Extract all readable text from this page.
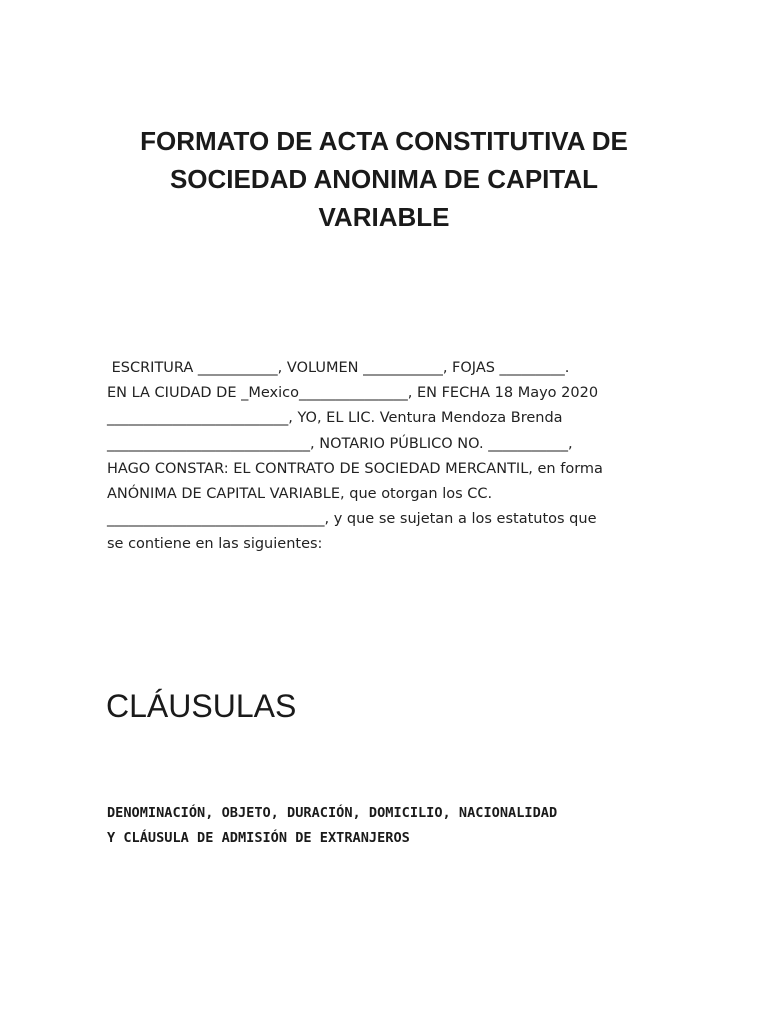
FORMATO DE ACTA CONSTITUTIVA DE
SOCIEDAD ANONIMA DE CAPITAL
VARIABLE

ESCRITURA ___________, VOLUMEN ___________, FOJAS _________.
EN LA CIUDAD DE _Mexico_______________, EN FECHA 18 Mayo 2020
_________________________, YO, EL LIC. Ventura Mendoza Brenda
____________________________, NOTARIO PÚBLICO NO. ___________,
HAGO CONSTAR: EL CONTRATO DE SOCIEDAD MERCANTIL, en forma
ANÓNIMA DE CAPITAL VARIABLE, que otorgan los CC.
______________________________, y que se sujetan a los estatutos que
se contiene en las siguientes:

CLÁUSULAS
DENOMINACIÓN, OBJETO, DURACIÓN, DOMICILIO, NACIONALIDAD
Y CLÁUSULA DE ADMISIÓN DE EXTRANJEROS
